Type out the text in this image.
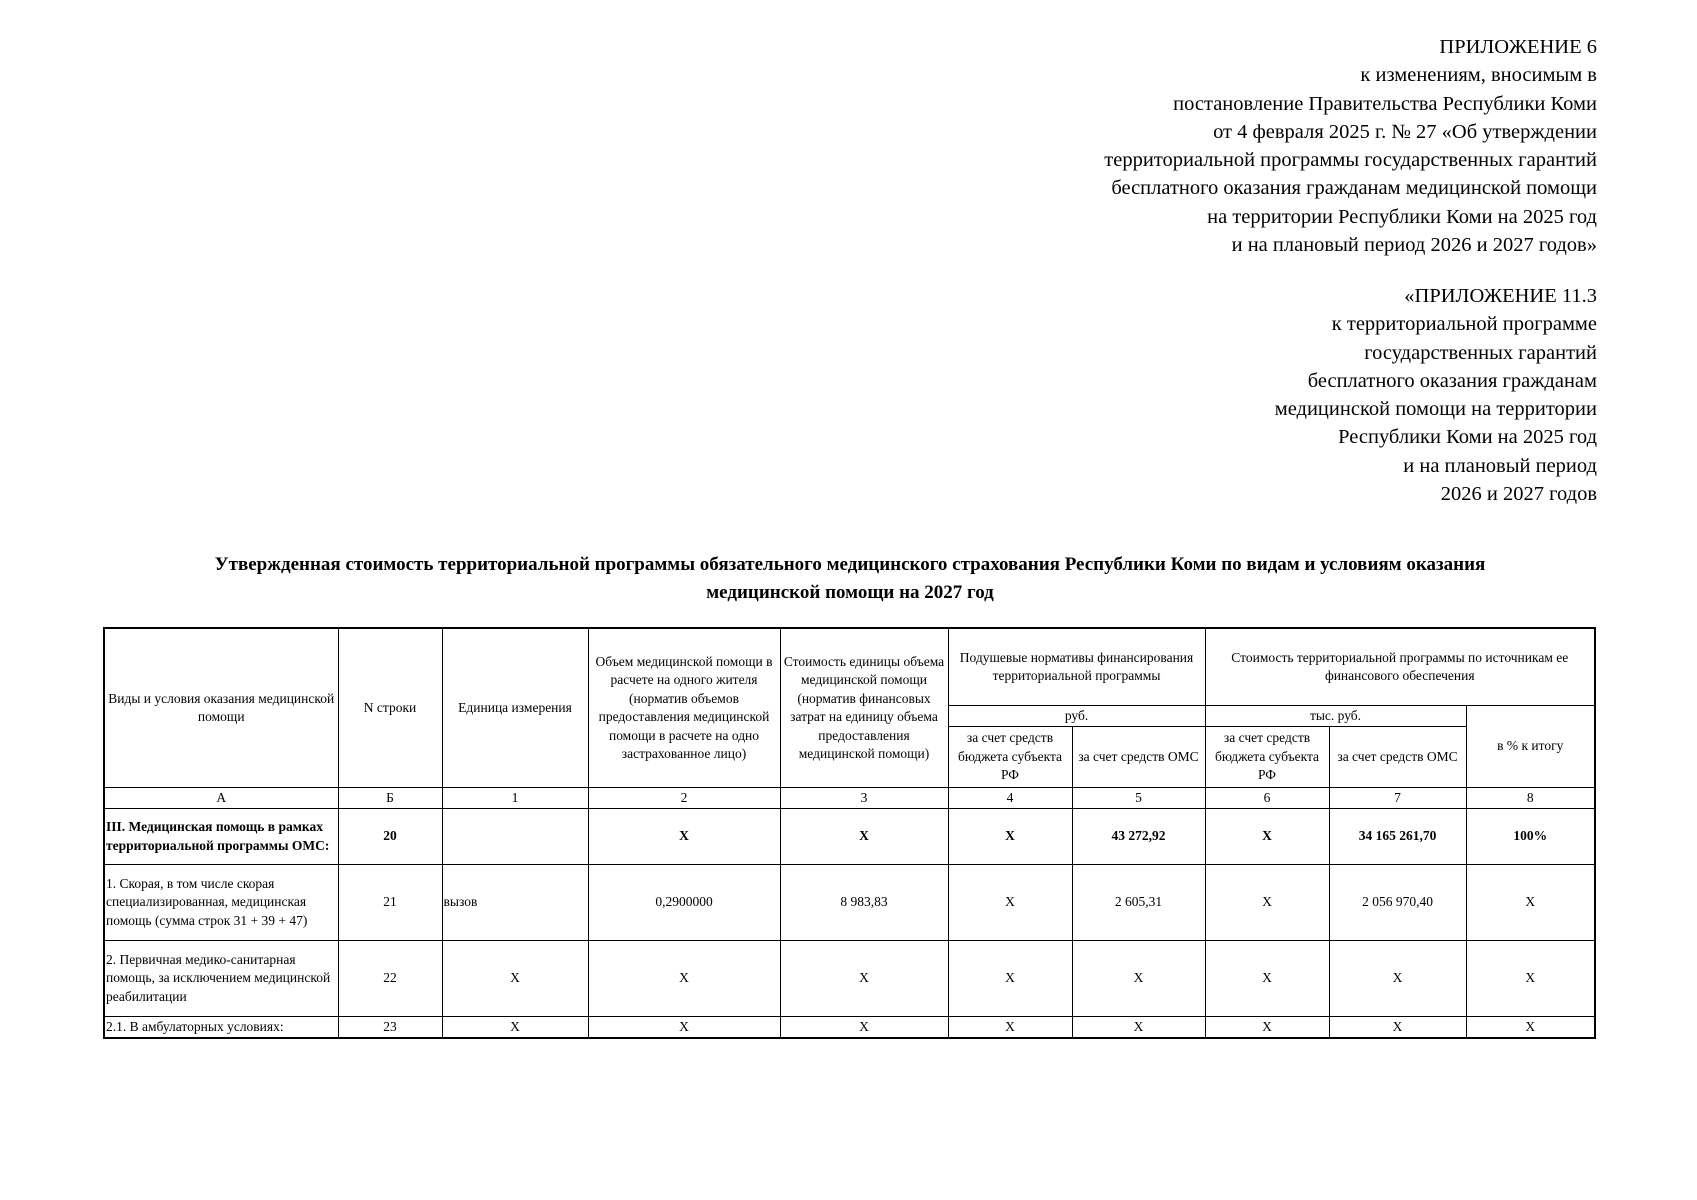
ПРИЛОЖЕНИЕ 6
к изменениям, вносимым в
постановление Правительства Республики Коми
от 4 февраля 2025 г. № 27 «Об утверждении
территориальной программы государственных гарантий
бесплатного оказания гражданам медицинской помощи
на территории Республики Коми на 2025 год
и на плановый период 2026 и 2027 годов»
«ПРИЛОЖЕНИЕ 11.3
к территориальной программе
государственных гарантий
бесплатного оказания гражданам
медицинской помощи на территории
Республики Коми на 2025 год
и на плановый период
2026 и 2027 годов
Утвержденная стоимость территориальной программы обязательного медицинского страхования Республики Коми по видам и условиям оказания
медицинской помощи на 2027 год
Виды и условия оказания медицинской помощи	N строки	Единица измерения	Объем медицинской помощи в расчете на одного жителя (норматив объемов предоставления медицинской помощи в расчете на одно застрахованное лицо)	Стоимость единицы объема медицинской помощи (норматив финансовых затрат на единицу объема предоставления медицинской помощи)	Подушевые нормативы финансирования территориальной программы		Стоимость территориальной программы по источникам ее финансового обеспечения		
					руб.		тыс. руб.		в % к итогу
					за счет средств бюджета субъекта РФ	за счет средств ОМС	за счет средств бюджета субъекта РФ	за счет средств ОМС	
А	Б	1	2	3	4	5	6	7	8
III. Медицинская помощь в рамках территориальной программы ОМС:	20		X	X	X	43 272,92	X	34 165 261,70	100%
1. Скорая, в том числе скорая специализированная, медицинская помощь (сумма строк 31 + 39 + 47)	21	вызов	0,2900000	8 983,83	X	2 605,31	X	2 056 970,40	X
2. Первичная медико-санитарная помощь, за исключением медицинской реабилитации	22	X	X	X	X	X	X	X	X
2.1. В амбулаторных условиях:	23	X	X	X	X	X	X	X	X
